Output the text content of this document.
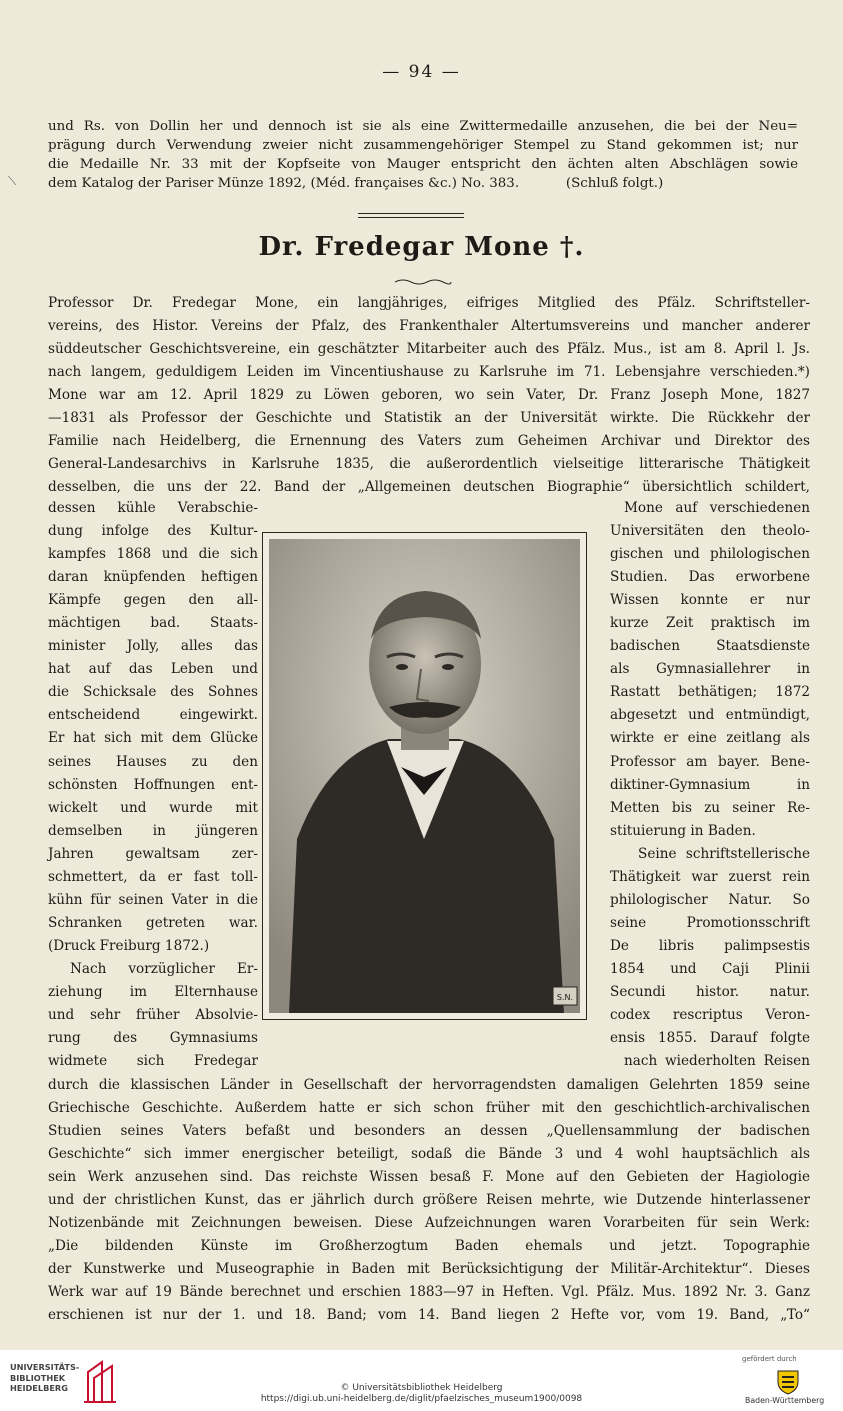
— 94 —

und Rs. von Dollin her und dennoch ist sie als eine Zwittermedaille anzusehen, die bei der Neu=

prägung durch Verwendung zweier nicht zusammengehöriger Stempel zu Stand gekommen ist; nur

die Medaille Nr. 33 mit der Kopfseite von Mauger entspricht den ächten alten Abschlägen sowie

dem Katalog der Pariser Münze 1892, (Méd. françaises &c.) No. 383.           (Schluß folgt.)

⟍
Dr. Fredegar Mone †.

Professor Dr. Fredegar Mone, ein langjähriges, eifriges Mitglied des Pfälz. Schriftsteller-

vereins, des Histor. Vereins der Pfalz, des Frankenthaler Altertumsvereins und mancher anderer

süddeutscher Geschichtsvereine, ein geschätzter Mitarbeiter auch des Pfälz. Mus., ist am 8. April l. Js.

nach langem, geduldigem Leiden im Vincentiushause zu Karlsruhe im 71. Lebensjahre verschieden.*)

Mone war am 12. April 1829 zu Löwen geboren, wo sein Vater, Dr. Franz Joseph Mone, 1827

—1831 als Professor der Geschichte und Statistik an der Universität wirkte. Die Rückkehr der

Familie nach Heidelberg, die Ernennung des Vaters zum Geheimen Archivar und Direktor des

General-Landesarchivs in Karlsruhe 1835, die außerordentlich vielseitige litterarische Thätigkeit

desselben, die uns der 22. Band der „Allgemeinen deutschen Biographie“ übersichtlich schildert,

dessen kühle Verabschie-
dung infolge des Kultur-
kampfes 1868 und die sich
daran knüpfenden heftigen
Kämpfe gegen den all-
mächtigen bad. Staats-
minister Jolly, alles das
hat auf das Leben und
die Schicksale des Sohnes
entscheidend eingewirkt.
Er hat sich mit dem Glücke
seines Hauses zu den
schönsten Hoffnungen ent-
wickelt und wurde mit
demselben in jüngeren
Jahren gewaltsam zer-
schmettert, da er fast toll-
kühn für seinen Vater in die
Schranken getreten war.
(Druck Freiburg 1872.)
Nach vorzüglicher Er-
ziehung im Elternhause
und sehr früher Absolvie-
rung des Gymnasiums
widmete sich Fredegar
S.N.
Mone auf verschiedenen
Universitäten den theolo-
gischen und philologischen
Studien. Das erworbene
Wissen konnte er nur
kurze Zeit praktisch im
badischen Staatsdienste
als Gymnasiallehrer in
Rastatt bethätigen; 1872
abgesetzt und entmündigt,
wirkte er eine zeitlang als
Professor am bayer. Bene-
diktiner-Gymnasium in
Metten bis zu seiner Re-
stituierung in Baden.
Seine schriftstellerische
Thätigkeit war zuerst rein
philologischer Natur. So
seine Promotionsschrift
De libris palimpsestis
1854 und Caji Plinii
Secundi histor. natur.
codex rescriptus Veron-
ensis 1855. Darauf folgte
nach wiederholten Reisen

durch die klassischen Länder in Gesellschaft der hervorragendsten damaligen Gelehrten 1859 seine

Griechische Geschichte. Außerdem hatte er sich schon früher mit den geschichtlich-archivalischen

Studien seines Vaters befaßt und besonders an dessen „Quellensammlung der badischen

Geschichte“ sich immer energischer beteiligt, sodaß die Bände 3 und 4 wohl hauptsächlich als

sein Werk anzusehen sind. Das reichste Wissen besaß F. Mone auf den Gebieten der Hagiologie

und der christlichen Kunst, das er jährlich durch größere Reisen mehrte, wie Dutzende hinterlassener

Notizenbände mit Zeichnungen beweisen. Diese Aufzeichnungen waren Vorarbeiten für sein Werk:

„Die bildenden Künste im Großherzogtum Baden ehemals und jetzt. Topographie

der Kunstwerke und Museographie in Baden mit Berücksichtigung der Militär-Architektur“. Dieses

Werk war auf 19 Bände berechnet und erschien 1883—97 in Heften. Vgl. Pfälz. Mus. 1892 Nr. 3. Ganz

erschienen ist nur der 1. und 18. Band; vom 14. Band liegen 2 Hefte vor, vom 19. Band, „To“

UNIVERSITÄTS-
BIBLIOTHEK
HEIDELBERG	© Universitätsbibliothek Heidelberg
https://digi.ub.uni-heidelberg.de/diglit/pfaelzisches_museum1900/0098
gefördert durch
Baden-Württemberg
